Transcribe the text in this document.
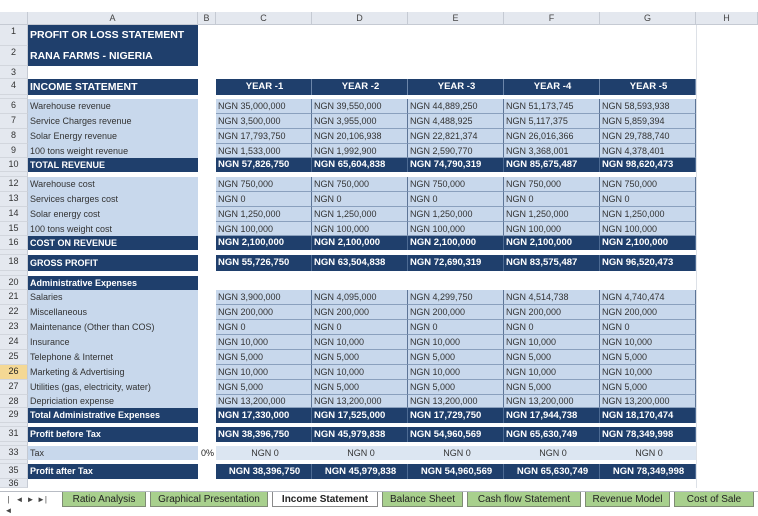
A	B	C	D	E	F	G	H
1
2
3
4
6
7
8
9
10
12
13
14
15
16
18
20
21
22
23
24
25
26
27
28
29
31
33
35
36
PROFIT OR LOSS STATEMENT
RANA FARMS - NIGERIA
INCOME STATEMENT	YEAR -1	YEAR -2	YEAR -3	YEAR -4	YEAR -5
Warehouse revenue	NGN 35,000,000	NGN 39,550,000	NGN 44,889,250	NGN 51,173,745	NGN 58,593,938
Service Charges revenue	NGN 3,500,000	NGN 3,955,000	NGN 4,488,925	NGN 5,117,375	NGN 5,859,394
Solar Energy revenue	NGN 17,793,750	NGN 20,106,938	NGN 22,821,374	NGN 26,016,366	NGN 29,788,740
100 tons weight revenue	NGN 1,533,000	NGN 1,992,900	NGN 2,590,770	NGN 3,368,001	NGN 4,378,401
TOTAL REVENUE	NGN 57,826,750	NGN 65,604,838	NGN 74,790,319	NGN 85,675,487	NGN 98,620,473
Warehouse cost	NGN 750,000	NGN 750,000	NGN 750,000	NGN 750,000	NGN 750,000
Services charges cost	NGN 0	NGN 0	NGN 0	NGN 0	NGN 0
Solar energy cost	NGN 1,250,000	NGN 1,250,000	NGN 1,250,000	NGN 1,250,000	NGN 1,250,000
100 tons weight cost	NGN 100,000	NGN 100,000	NGN 100,000	NGN 100,000	NGN 100,000
COST ON REVENUE	NGN 2,100,000	NGN 2,100,000	NGN 2,100,000	NGN 2,100,000	NGN 2,100,000
GROSS PROFIT	NGN 55,726,750	NGN 63,504,838	NGN 72,690,319	NGN 83,575,487	NGN 96,520,473
Administrative Expenses
Salaries	NGN 3,900,000	NGN 4,095,000	NGN 4,299,750	NGN 4,514,738	NGN 4,740,474
Miscellaneous	NGN 200,000	NGN 200,000	NGN 200,000	NGN 200,000	NGN 200,000
Maintenance (Other than COS)	NGN 0	NGN 0	NGN 0	NGN 0	NGN 0
Insurance	NGN 10,000	NGN 10,000	NGN 10,000	NGN 10,000	NGN 10,000
Telephone & Internet	NGN 5,000	NGN 5,000	NGN 5,000	NGN 5,000	NGN 5,000
Marketing & Advertising	NGN 10,000	NGN 10,000	NGN 10,000	NGN 10,000	NGN 10,000
Utilities (gas, electricity, water)	NGN 5,000	NGN 5,000	NGN 5,000	NGN 5,000	NGN 5,000
Depriciation expense	NGN 13,200,000	NGN 13,200,000	NGN 13,200,000	NGN 13,200,000	NGN 13,200,000
Total Administrative Expenses	NGN 17,330,000	NGN 17,525,000	NGN 17,729,750	NGN 17,944,738	NGN 18,170,474
Profit before Tax	NGN 38,396,750	NGN 45,979,838	NGN 54,960,569	NGN 65,630,749	NGN 78,349,998
Tax	0%	NGN 0	NGN 0	NGN 0	NGN 0	NGN 0
Profit after Tax	NGN 38,396,750	NGN 45,979,838	NGN 54,960,569	NGN 65,630,749	NGN 78,349,998
|◄
◄ ► ►|	Ratio Analysis	Graphical Presentation	Income Statement	Balance Sheet	Cash flow Statement	Revenue Model	Cost of Sale
